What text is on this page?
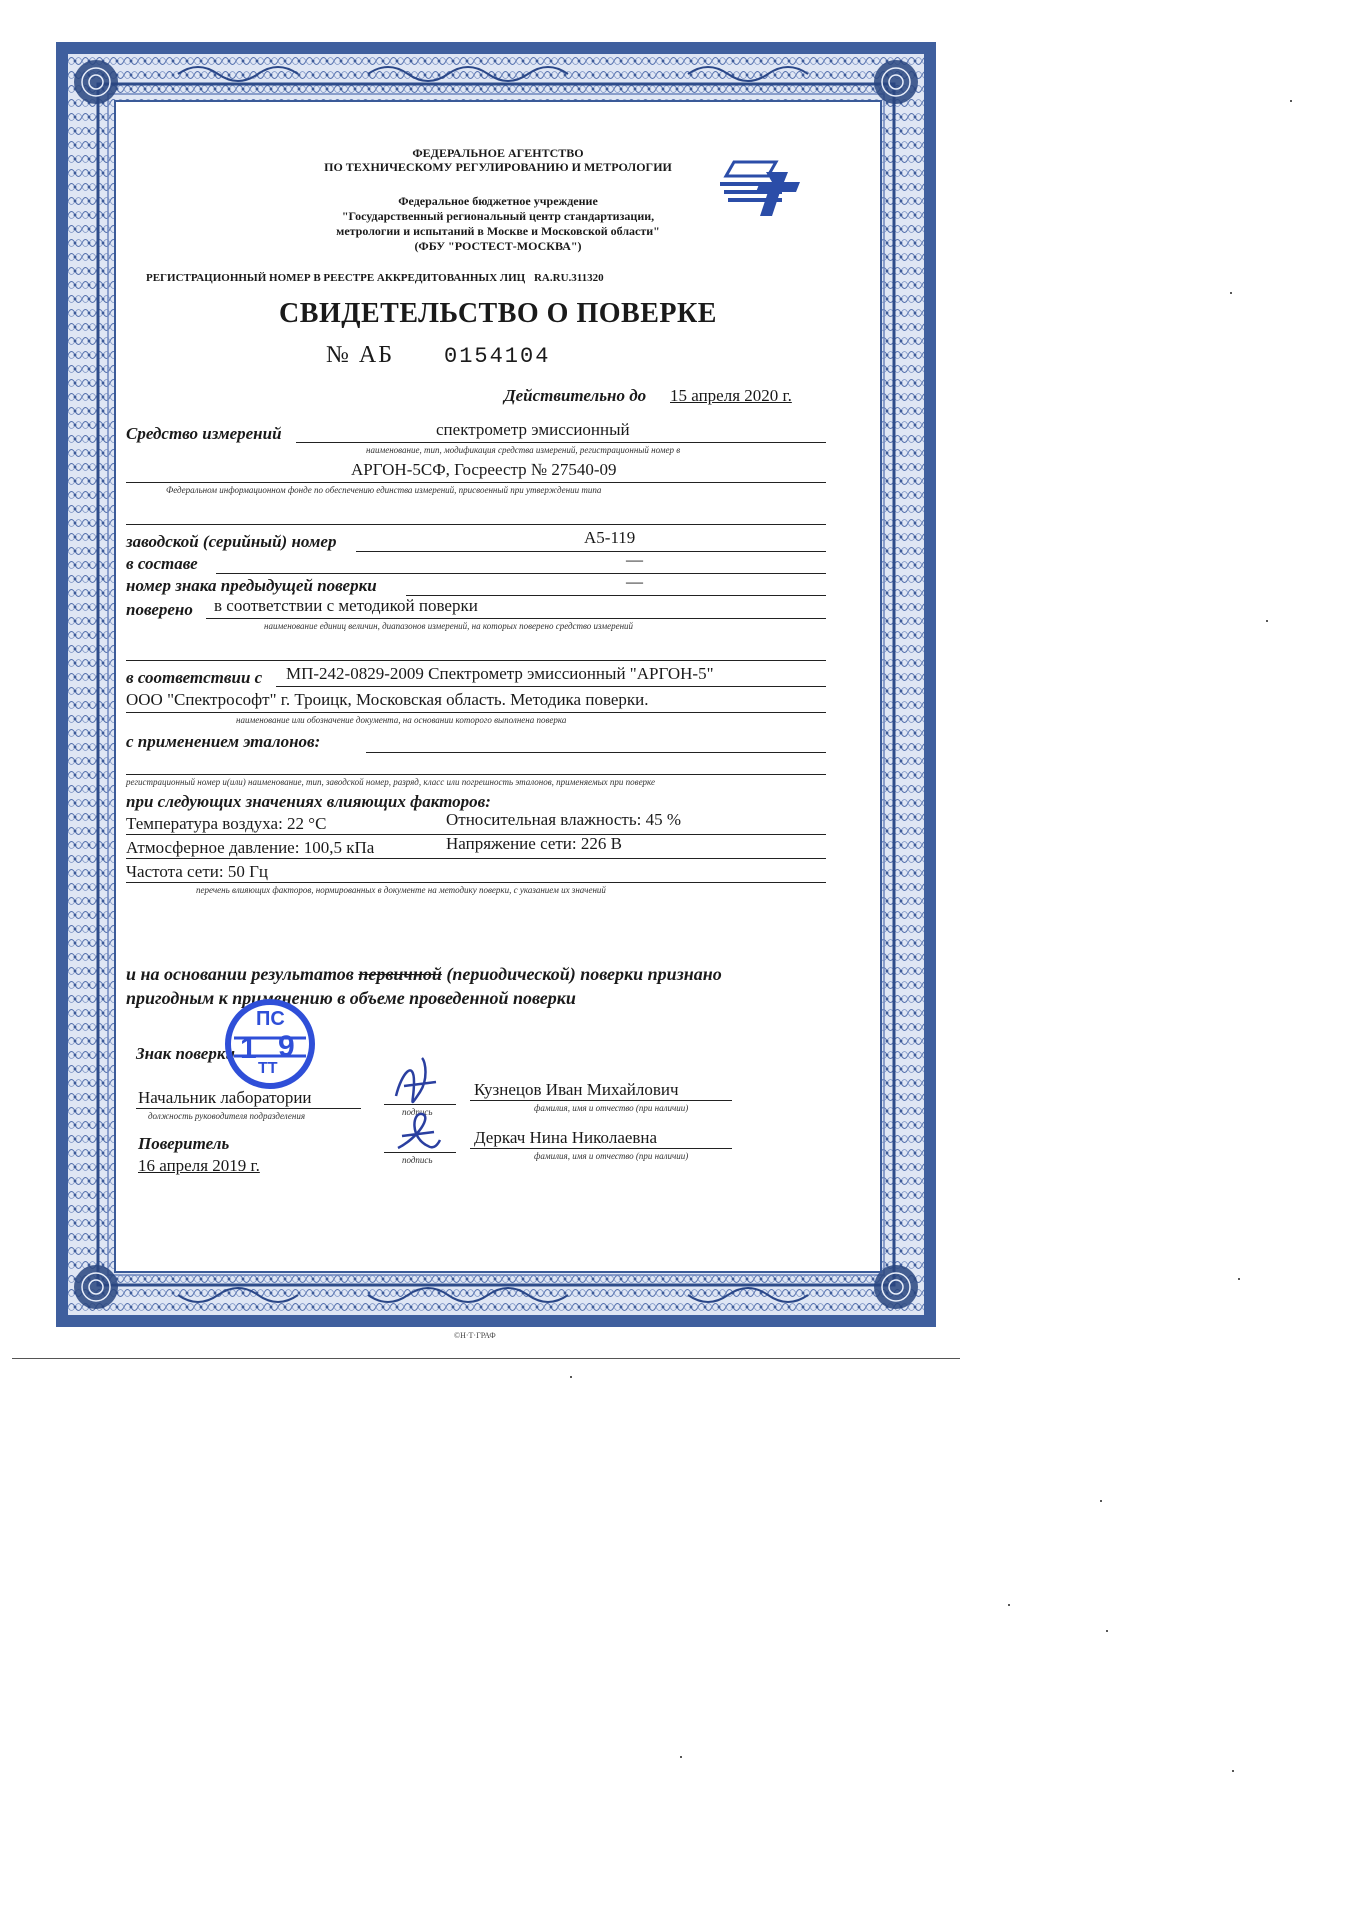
ФЕДЕРАЛЬНОЕ АГЕНТСТВО
ПО ТЕХНИЧЕСКОМУ РЕГУЛИРОВАНИЮ И МЕТРОЛОГИИ
Федеральное бюджетное учреждение
"Государственный региональный центр стандартизации,
метрологии и испытаний в Москве и Московской области"
(ФБУ "РОСТЕСТ-МОСКВА")
РЕГИСТРАЦИОННЫЙ НОМЕР В РЕЕСТРЕ АККРЕДИТОВАННЫХ ЛИЦ RA.RU.311320
СВИДЕТЕЛЬСТВО О ПОВЕРКЕ
№ АБ 0154104
Действительно до 15 апреля 2020 г.
Средство измерений	спектрометр эмиссионный
наименование, тип, модификация средства измерений, регистрационный номер в
АРГОН-5СФ, Госреестр № 27540-09
Федеральном информационном фонде по обеспечению единства измерений, присвоенный при утверждении типа
заводской (серийный) номер	А5-119
в составе	—
номер знака предыдущей поверки	—
поверено в соответствии с методикой поверки
наименование единиц величин, диапазонов измерений, на которых поверено средство измерений
в соответствии с МП-242-0829-2009 Спектрометр эмиссионный "АРГОН-5"
ООО "Спектрософт" г. Троицк, Московская область. Методика поверки.
наименование или обозначение документа, на основании которого выполнена поверка
с применением эталонов:
регистрационный номер и(или) наименование, тип, заводской номер, разряд, класс или погрешность эталонов, применяемых при поверке
при следующих значениях влияющих факторов:
Температура воздуха: 22 °С	Относительная влажность: 45 %
Атмосферное давление: 100,5 кПа	Напряжение сети: 226 В
Частота сети: 50 Гц
перечень влияющих факторов, нормированных в документе на методику поверки, с указанием их значений
и на основании результатов первичной (периодической) поверки признано
пригодным к применению в объеме проведенной поверки
Знак поверки
ПС
1 9
ТТ
Начальник лаборатории
должность руководителя подразделения	подпись
Кузнецов Иван Михайлович
фамилия, имя и отчество (при наличии)
Поверитель
16 апреля 2019 г.	подпись
Деркач Нина Николаевна
фамилия, имя и отчество (при наличии)
©Н·Т·ГРАФ
